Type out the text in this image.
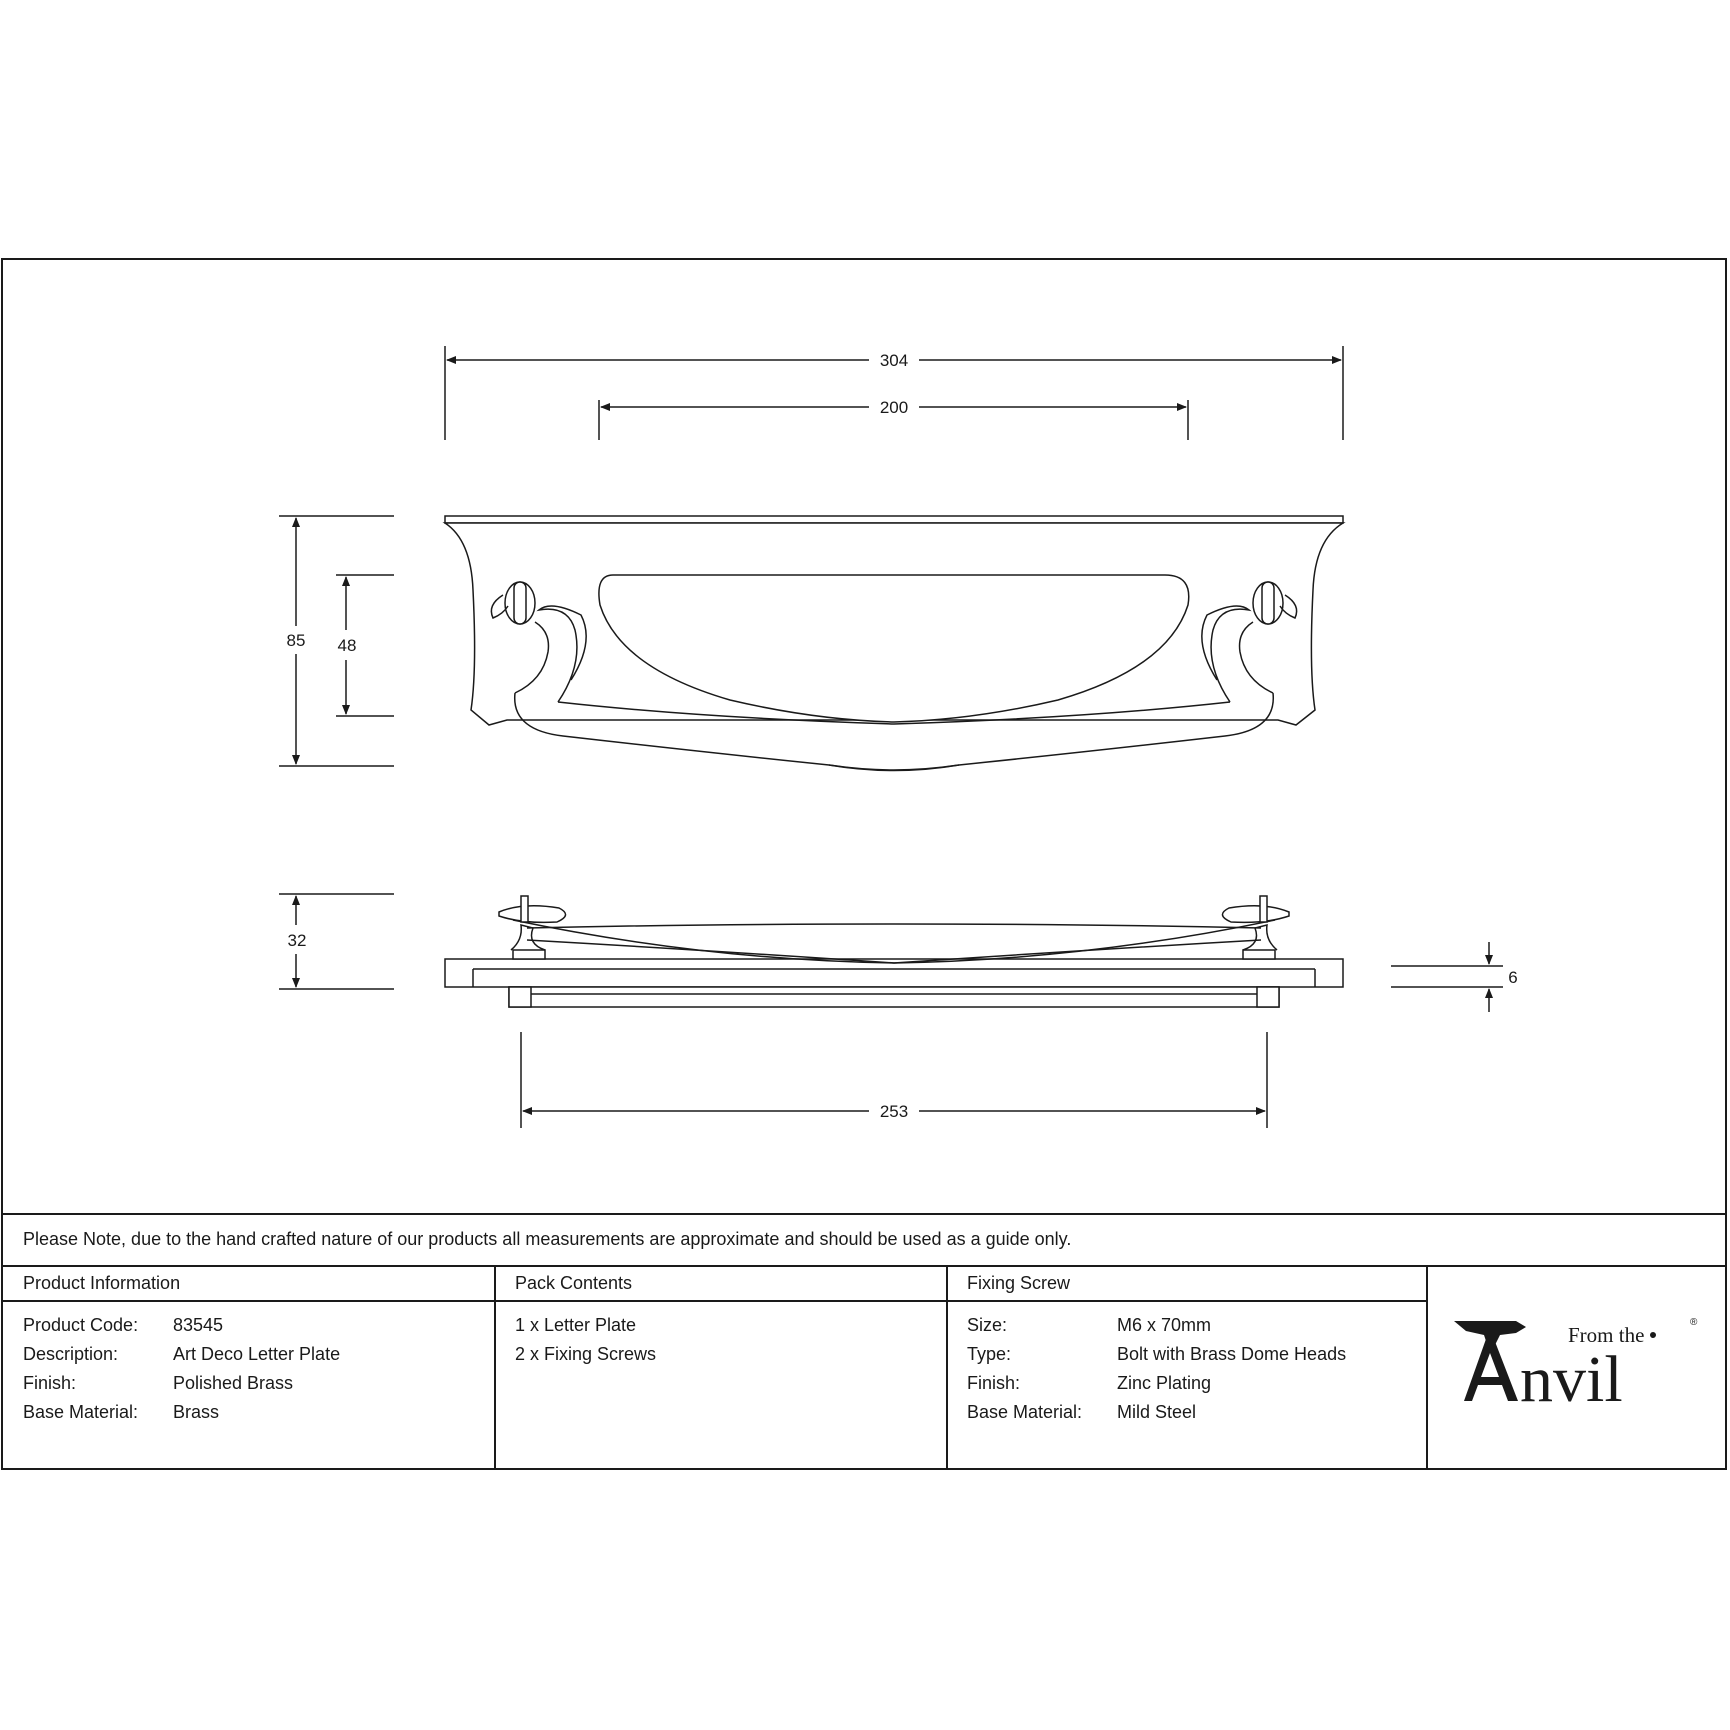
304
200
85 48
32
6
253
Please Note, due to the hand crafted nature of our products all measurements are approximate and should be used as a guide only.
Product Information
Product Code: 83545
Description:	Art Deco Letter Plate
Finish:	Polished Brass
Base Material: Brass
Pack Contents
1 x Letter Plate
2 x Fixing Screws
Fixing Screw
Size:	M6 x 70mm
Type:	Bolt with Brass Dome Heads
Finish:	Zinc Plating
Base Material: Mild Steel
From the
nvil
®
